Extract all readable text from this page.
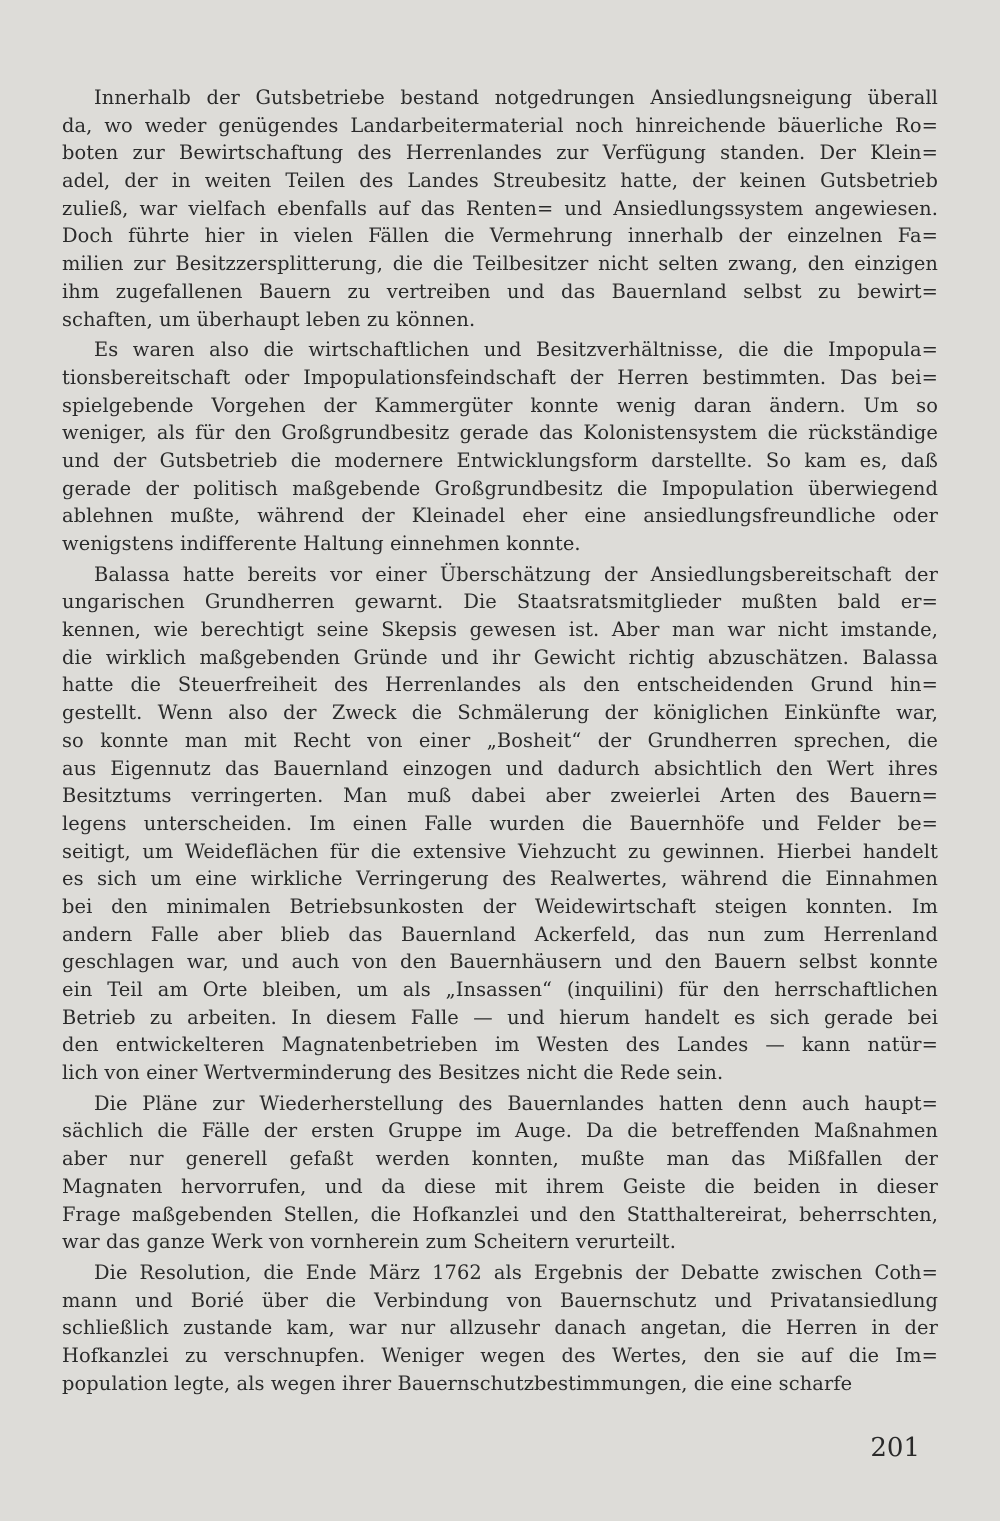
Innerhalb der Gutsbetriebe bestand notgedrungen Ansiedlungsneigung überall
da, wo weder genügendes Landarbeitermaterial noch hinreichende bäuerliche Ro=
boten zur Bewirtschaftung des Herrenlandes zur Verfügung standen. Der Klein=
adel, der in weiten Teilen des Landes Streubesitz hatte, der keinen Gutsbetrieb
zuließ, war vielfach ebenfalls auf das Renten= und Ansiedlungssystem angewiesen.
Doch führte hier in vielen Fällen die Vermehrung innerhalb der einzelnen Fa=
milien zur Besitzzersplitterung, die die Teilbesitzer nicht selten zwang, den einzigen
ihm zugefallenen Bauern zu vertreiben und das Bauernland selbst zu bewirt=
schaften, um überhaupt leben zu können.
Es waren also die wirtschaftlichen und Besitzverhältnisse, die die Impopula=
tionsbereitschaft oder Impopulationsfeindschaft der Herren bestimmten. Das bei=
spielgebende Vorgehen der Kammergüter konnte wenig daran ändern. Um so
weniger, als für den Großgrundbesitz gerade das Kolonistensystem die rückständige
und der Gutsbetrieb die modernere Entwicklungsform darstellte. So kam es, daß
gerade der politisch maßgebende Großgrundbesitz die Impopulation überwiegend
ablehnen mußte, während der Kleinadel eher eine ansiedlungsfreundliche oder
wenigstens indifferente Haltung einnehmen konnte.
Balassa hatte bereits vor einer Überschätzung der Ansiedlungsbereitschaft der
ungarischen Grundherren gewarnt. Die Staatsratsmitglieder mußten bald er=
kennen, wie berechtigt seine Skepsis gewesen ist. Aber man war nicht imstande,
die wirklich maßgebenden Gründe und ihr Gewicht richtig abzuschätzen. Balassa
hatte die Steuerfreiheit des Herrenlandes als den entscheidenden Grund hin=
gestellt. Wenn also der Zweck die Schmälerung der königlichen Einkünfte war,
so konnte man mit Recht von einer „Bosheit“ der Grundherren sprechen, die
aus Eigennutz das Bauernland einzogen und dadurch absichtlich den Wert ihres
Besitztums verringerten. Man muß dabei aber zweierlei Arten des Bauern=
legens unterscheiden. Im einen Falle wurden die Bauernhöfe und Felder be=
seitigt, um Weideflächen für die extensive Viehzucht zu gewinnen. Hierbei handelt
es sich um eine wirkliche Verringerung des Realwertes, während die Einnahmen
bei den minimalen Betriebsunkosten der Weidewirtschaft steigen konnten. Im
andern Falle aber blieb das Bauernland Ackerfeld, das nun zum Herrenland
geschlagen war, und auch von den Bauernhäusern und den Bauern selbst konnte
ein Teil am Orte bleiben, um als „Insassen“ (inquilini) für den herrschaftlichen
Betrieb zu arbeiten. In diesem Falle — und hierum handelt es sich gerade bei
den entwickelteren Magnatenbetrieben im Westen des Landes — kann natür=
lich von einer Wertverminderung des Besitzes nicht die Rede sein.
Die Pläne zur Wiederherstellung des Bauernlandes hatten denn auch haupt=
sächlich die Fälle der ersten Gruppe im Auge. Da die betreffenden Maßnahmen
aber nur generell gefaßt werden konnten, mußte man das Mißfallen der
Magnaten hervorrufen, und da diese mit ihrem Geiste die beiden in dieser
Frage maßgebenden Stellen, die Hofkanzlei und den Statthaltereirat, beherrschten,
war das ganze Werk von vornherein zum Scheitern verurteilt.
Die Resolution, die Ende März 1762 als Ergebnis der Debatte zwischen Coth=
mann und Borié über die Verbindung von Bauernschutz und Privatansiedlung
schließlich zustande kam, war nur allzusehr danach angetan, die Herren in der
Hofkanzlei zu verschnupfen. Weniger wegen des Wertes, den sie auf die Im=
population legte, als wegen ihrer Bauernschutzbestimmungen, die eine scharfe
201
